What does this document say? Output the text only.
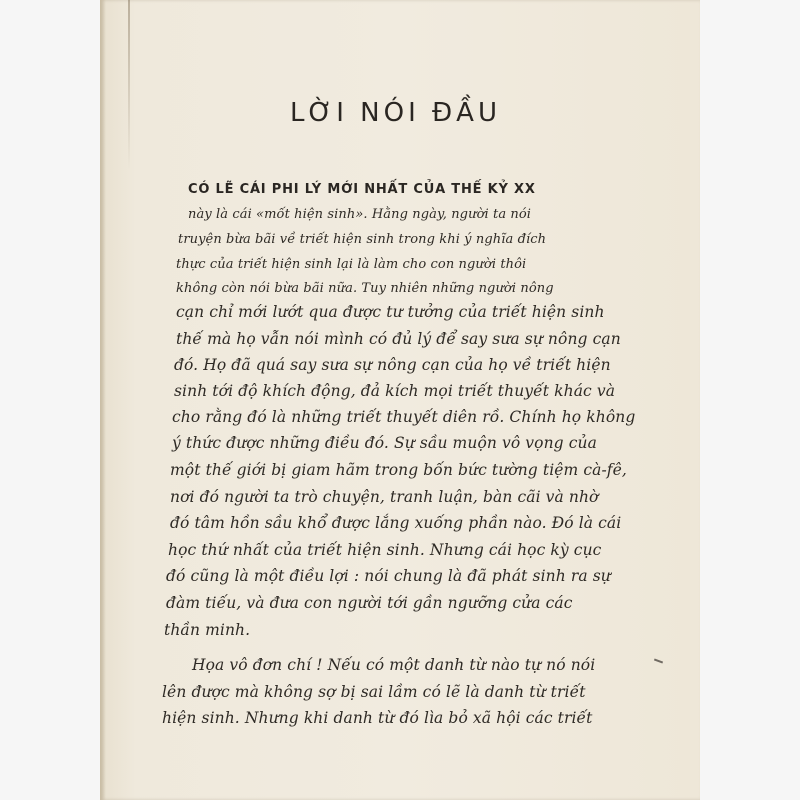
LỜI NÓI ĐẦU
CÓ LẼ CÁI PHI LÝ MỚI NHẤT CỦA THẾ KỶ XX
này là cái «mốt hiện sinh». Hằng ngày, người ta nói
truyện bừa bãi về triết hiện sinh trong khi ý nghĩa đích
thực của triết hiện sinh lại là làm cho con người thôi
không còn nói bừa bãi nữa. Tuy nhiên những người nông
cạn chỉ mới lướt qua được tư tưởng của triết hiện sinh
thế mà họ vẫn nói mình có đủ lý để say sưa sự nông cạn
đó. Họ đã quá say sưa sự nông cạn của họ về triết hiện
sinh tới độ khích động, đả kích mọi triết thuyết khác và
cho rằng đó là những triết thuyết diên rồ. Chính họ không
ý thức được những điều đó. Sự sầu muộn vô vọng của
một thế giới bị giam hãm trong bốn bức tường tiệm cà-fê,
nơi đó người ta trò chuyện, tranh luận, bàn cãi và nhờ
đó tâm hồn sầu khổ được lắng xuống phần nào. Đó là cái
học thứ nhất của triết hiện sinh. Nhưng cái học kỳ cục
đó cũng là một điều lợi : nói chung là đã phát sinh ra sự
đàm tiếu, và đưa con người tới gần ngưỡng cửa các
thần minh.
Họa vô đơn chí ! Nếu có một danh từ nào tự nó nói
lên được mà không sợ bị sai lầm có lẽ là danh từ triết
hiện sinh. Nhưng khi danh từ đó lìa bỏ xã hội các triết
